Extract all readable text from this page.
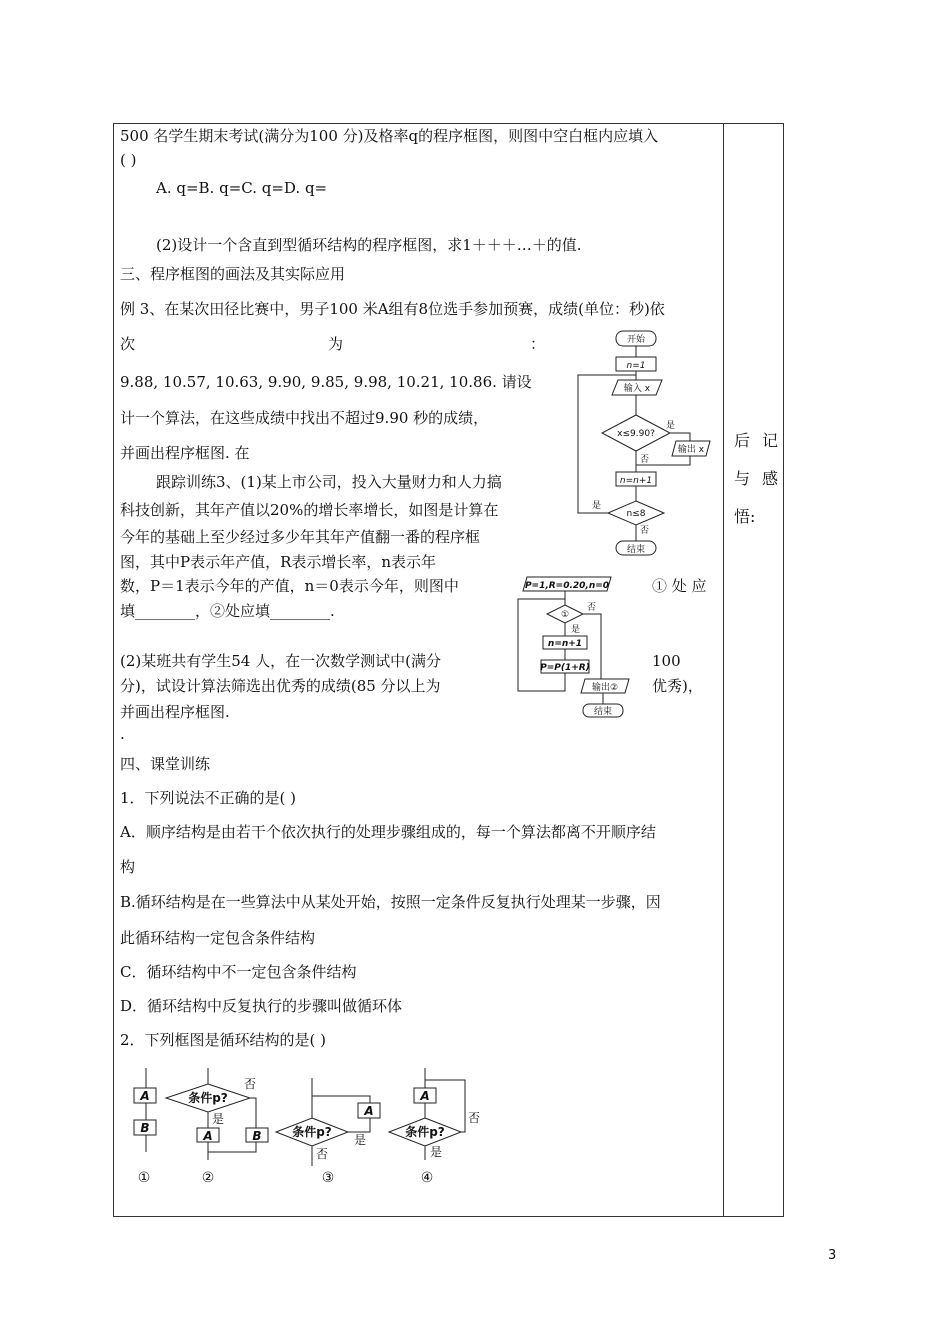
500 名学生期末考试(满分为100 分)及格率q的程序框图，则图中空白框内应填入
( )
A. q=B. q=C. q=D. q=
(2)设计一个含直到型循环结构的程序框图，求1＋＋＋…＋的值.
三、程序框图的画法及其实际应用
例 3、在某次田径比赛中，男子100 米A组有8位选手参加预赛，成绩(单位：秒)依
次	为	：
9.88, 10.57, 10.63, 9.90, 9.85, 9.98, 10.21, 10.86. 请设
计一个算法，在这些成绩中找出不超过9.90 秒的成绩，
并画出程序框图. 在
跟踪训练3、(1)某上市公司，投入大量财力和人力搞
科技创新，其年产值以20%的增长率增长，如图是计算在
今年的基础上至少经过多少年其年产值翻一番的程序框
图，其中P表示年产值，R表示增长率，n表示年
数，P＝1表示今年的产值，n＝0表示今年，则图中	① 处 应
填________，②处应填________.
(2)某班共有学生54 人，在一次数学测试中(满分	100
分)，试设计算法筛选出优秀的成绩(85 分以上为	优秀)，
并画出程序框图.
.
四、课堂训练
1．下列说法不正确的是( )
A．顺序结构是由若干个依次执行的处理步骤组成的，每一个算法都离不开顺序结
构
B.循环结构是在一些算法中从某处开始，按照一定条件反复执行处理某一步骤，因
此循环结构一定包含条件结构
C．循环结构中不一定包含条件结构
D．循环结构中反复执行的步骤叫做循环体
2．下列框图是循环结构的是( )
后 记
与 感
悟:
3
开始
n=1
输入 x
x≤9.90?
是
输出 x
否
n=n+1
n≤8
是
否
结束
P=1,R=0.20,n=0
①
是
否
n=n+1
P=P(1+R)
输出②
结束
A
B
条件p?
是
否
A	B	条件p?
是
否
A
A
条件p?
否
是
①	②	③	④
